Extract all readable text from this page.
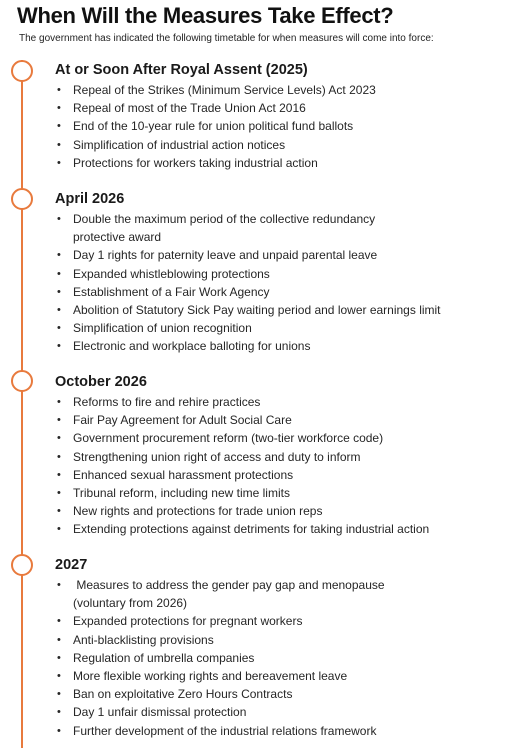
When Will the Measures Take Effect?
The government has indicated the following timetable for when measures will come into force:
At or Soon After Royal Assent (2025)
• Repeal of the Strikes (Minimum Service Levels) Act 2023
• Repeal of most of the Trade Union Act 2016
• End of the 10-year rule for union political fund ballots
• Simplification of industrial action notices
• Protections for workers taking industrial action
April 2026
• Double the maximum period of the collective redundancy
protective award
• Day 1 rights for paternity leave and unpaid parental leave
• Expanded whistleblowing protections
• Establishment of a Fair Work Agency
• Abolition of Statutory Sick Pay waiting period and lower earnings limit
• Simplification of union recognition
• Electronic and workplace balloting for unions
October 2026
• Reforms to fire and rehire practices
• Fair Pay Agreement for Adult Social Care
• Government procurement reform (two-tier workforce code)
• Strengthening union right of access and duty to inform
• Enhanced sexual harassment protections
• Tribunal reform, including new time limits
• New rights and protections for trade union reps
• Extending protections against detriments for taking industrial action
2027
•  Measures to address the gender pay gap and menopause
(voluntary from 2026)
• Expanded protections for pregnant workers
• Anti-blacklisting provisions
• Regulation of umbrella companies
• More flexible working rights and bereavement leave
• Ban on exploitative Zero Hours Contracts
• Day 1 unfair dismissal protection
• Further development of the industrial relations framework
